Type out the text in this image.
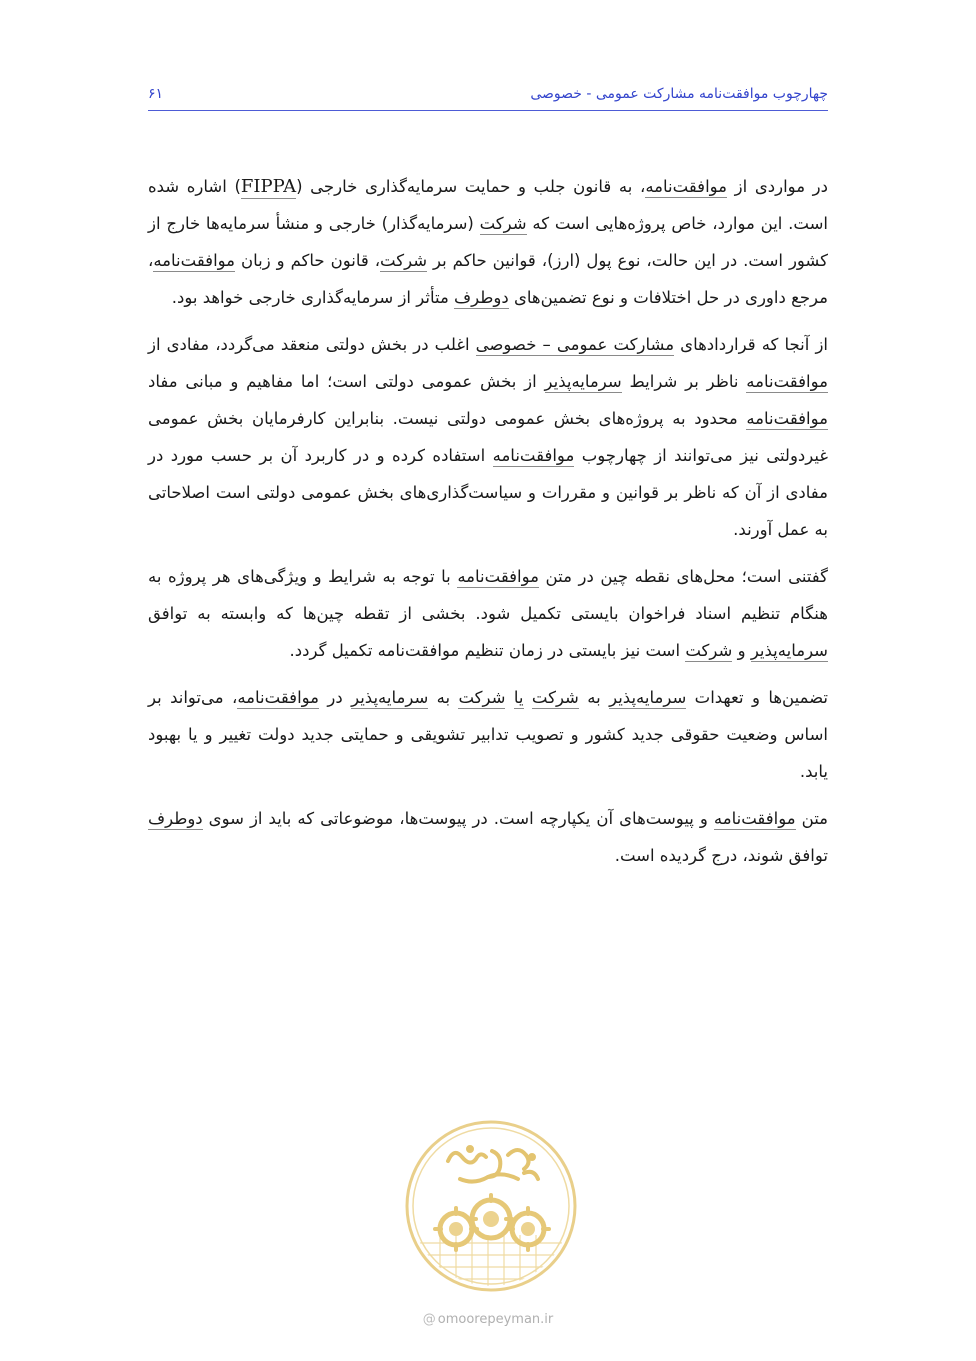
چهارچوب موافقت‌نامه مشارکت عمومی - خصوصی
۶۱

در مواردی از موافقت‌نامه، به قانون جلب و حمایت سرمایه‌گذاری خارجی (FIPPA) اشاره شده است. این موارد، خاص پروژه‌هایی است که شرکت (سرمایه‌گذار) خارجی و منشأ سرمایه‌ها خارج از کشور است. در این حالت، نوع پول (ارز)، قوانین حاکم بر شرکت، قانون حاکم و زبان موافقت‌نامه، مرجع داوری در حل اختلافات و نوع تضمین‌های دوطرف متأثر از سرمایه‌گذاری خارجی خواهد بود.

از آنجا که قراردادهای مشارکت عمومی – خصوصی اغلب در بخش دولتی منعقد می‌گردد، مفادی از موافقت‌نامه ناظر بر شرایط سرمایه‌پذیر از بخش عمومی دولتی است؛ اما مفاهیم و مبانی مفاد موافقت‌نامه محدود به پروژه‌های بخش عمومی دولتی نیست. بنابراین کارفرمایان بخش عمومی غیردولتی نیز می‌توانند از چهارچوب موافقت‌نامه استفاده کرده و در کاربرد آن بر حسب مورد در مفادی از آن که ناظر بر قوانین و مقررات و سیاست‌گذاری‌های بخش عمومی دولتی است اصلاحاتی به عمل آورند.

گفتنی است؛ محل‌های نقطه چین در متن موافقت‌نامه با توجه به شرایط و ویژگی‌های هر پروژه به هنگام تنظیم اسناد فراخوان بایستی تکمیل شود. بخشی از تقطه چین‌ها که وابسته به توافق سرمایه‌پذیر و شرکت است نیز بایستی در زمان تنظیم موافقت‌نامه تکمیل گردد.

تضمین‌ها و تعهدات سرمایه‌پذیر به شرکت یا شرکت به سرمایه‌پذیر در موافقت‌نامه، می‌تواند بر اساس وضعیت حقوقی جدید کشور و تصویب تدابیر تشویقی و حمایتی جدید دولت تغییر و یا بهبود یابد.

متن موافقت‌نامه و پیوست‌های آن یکپارچه است. در پیوست‌ها، موضوعاتی که باید از سوی دوطرف توافق شوند، درج گردیده است.

@ omoorepeyman.ir
